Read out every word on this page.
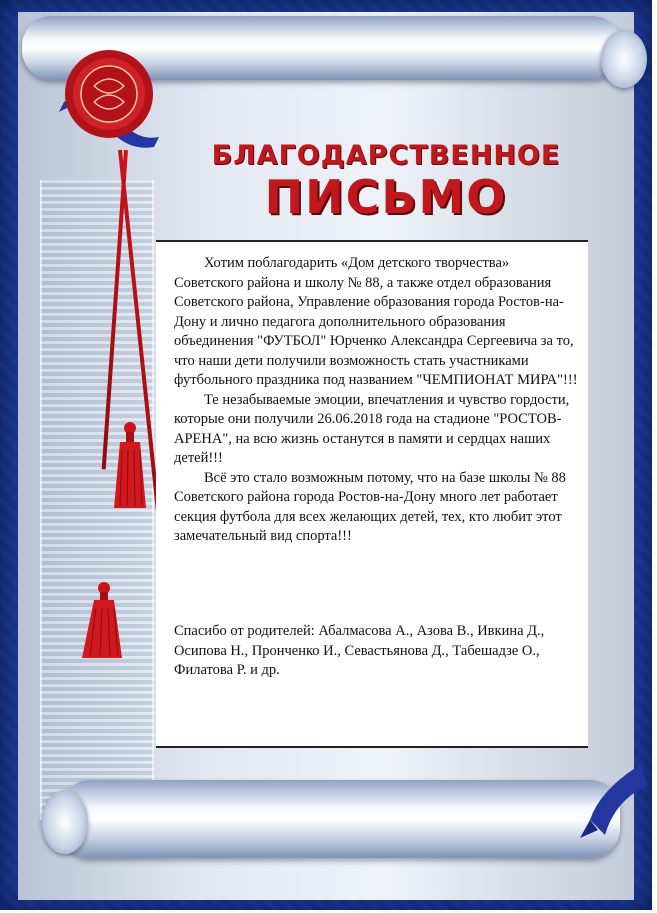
БЛАГОДАРСТВЕННОЕ
ПИСЬМО

Хотим поблагодарить «Дом детского творчества» Советского района и школу № 88, а также отдел образования Советского района, Управление образования города Ростов-на-Дону и лично педагога дополнительного образования объединения "ФУТБОЛ" Юрченко Александра Сергеевича за то, что наши дети получили возможность стать участниками футбольного праздника под названием "ЧЕМПИОНАТ МИРА"!!!

Те незабываемые эмоции, впечатления и чувство гордости, которые они получили 26.06.2018 года на стадионе "РОСТОВ-АРЕНА", на всю жизнь останутся в памяти и сердцах наших детей!!!

Всё это стало возможным потому, что на базе школы № 88 Советского района города Ростов-на-Дону много лет работает секция футбола для всех желающих детей, тех, кто любит этот замечательный вид спорта!!!

Спасибо от родителей: Абалмасова А., Азова В., Ивкина Д., Осипова Н., Пронченко И., Севастьянова Д., Табешадзе О., Филатова Р. и др.
